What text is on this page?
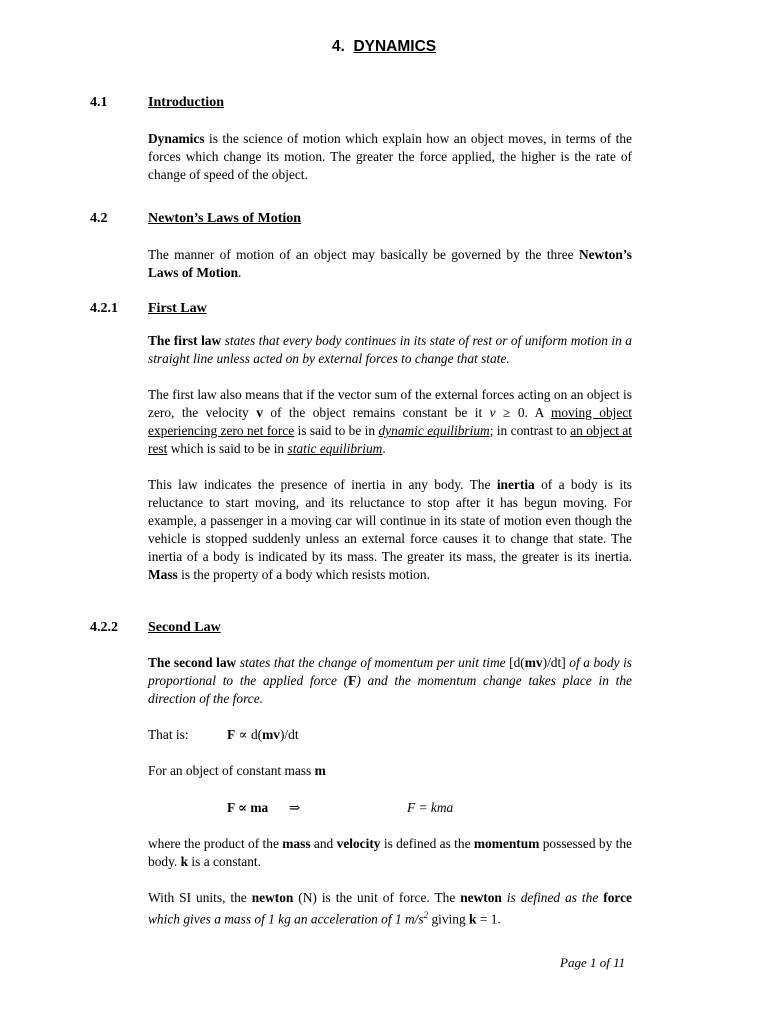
4. DYNAMICS
4.1	Introduction
Dynamics is the science of motion which explain how an object moves, in terms of the forces which change its motion. The greater the force applied, the higher is the rate of change of speed of the object.
4.2	Newton’s Laws of Motion
The manner of motion of an object may basically be governed by the three Newton’s Laws of Motion.
4.2.1 First Law
The first law states that every body continues in its state of rest or of uniform motion in a straight line unless acted on by external forces to change that state.
The first law also means that if the vector sum of the external forces acting on an object is zero, the velocity v of the object remains constant be it v ≥ 0. A moving object experiencing zero net force is said to be in dynamic equilibrium; in contrast to an object at rest which is said to be in static equilibrium.
This law indicates the presence of inertia in any body. The inertia of a body is its reluctance to start moving, and its reluctance to stop after it has begun moving. For example, a passenger in a moving car will continue in its state of motion even though the vehicle is stopped suddenly unless an external force causes it to change that state. The inertia of a body is indicated by its mass. The greater its mass, the greater is its inertia. Mass is the property of a body which resists motion.
4.2.2 Second Law
The second law states that the change of momentum per unit time [d(mv)/dt] of a body is proportional to the applied force (F) and the momentum change takes place in the direction of the force.
That is:	F ∝ d(mv)/dt
For an object of constant mass m
F ∝ ma ⇒	F = kma
where the product of the mass and velocity is defined as the momentum possessed by the body. k is a constant.
With SI units, the newton (N) is the unit of force. The newton is defined as the force which gives a mass of 1 kg an acceleration of 1 $m/s^2$ giving k = 1.
Page 1 of 11
